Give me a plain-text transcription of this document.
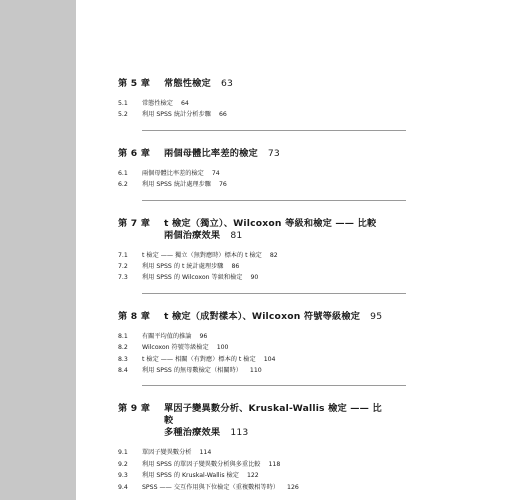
第 5 章	常態性檢定 63
5.1	常態性檢定 64
5.2	利用 SPSS 統計分析步驟 66
第 6 章	兩個母體比率差的檢定 73
6.1	兩個母體比率差的檢定 74
6.2	利用 SPSS 統計處理步驟 76
第 7 章	t 檢定（獨立）、Wilcoxon 等級和檢定 —— 比較
兩個治療效果 81
7.1	t 檢定 —— 獨立（無對應時）標本的 t 檢定 82
7.2	利用 SPSS 的 t 統計處理步驟 86
7.3	利用 SPSS 的 Wilcoxon 等級和檢定 90
第 8 章	t 檢定（成對樣本）、Wilcoxon 符號等級檢定 95
8.1	有關平均值的推論 96
8.2	Wilcoxon 符號等級檢定 100
8.3	t 檢定 —— 相關（有對應）標本的 t 檢定 104
8.4	利用 SPSS 的無母數檢定（相關時） 110
第 9 章	單因子變異數分析、Kruskal-Wallis 檢定 —— 比較
多種治療效果 113
9.1	單因子變異數分析 114
9.2	利用 SPSS 的單因子變異數分析與多重比較 118
9.3	利用 SPSS 的 Kruskal-Wallis 檢定 122
9.4	SPSS —— 交互作用與下位檢定（重複數相等時） 126
